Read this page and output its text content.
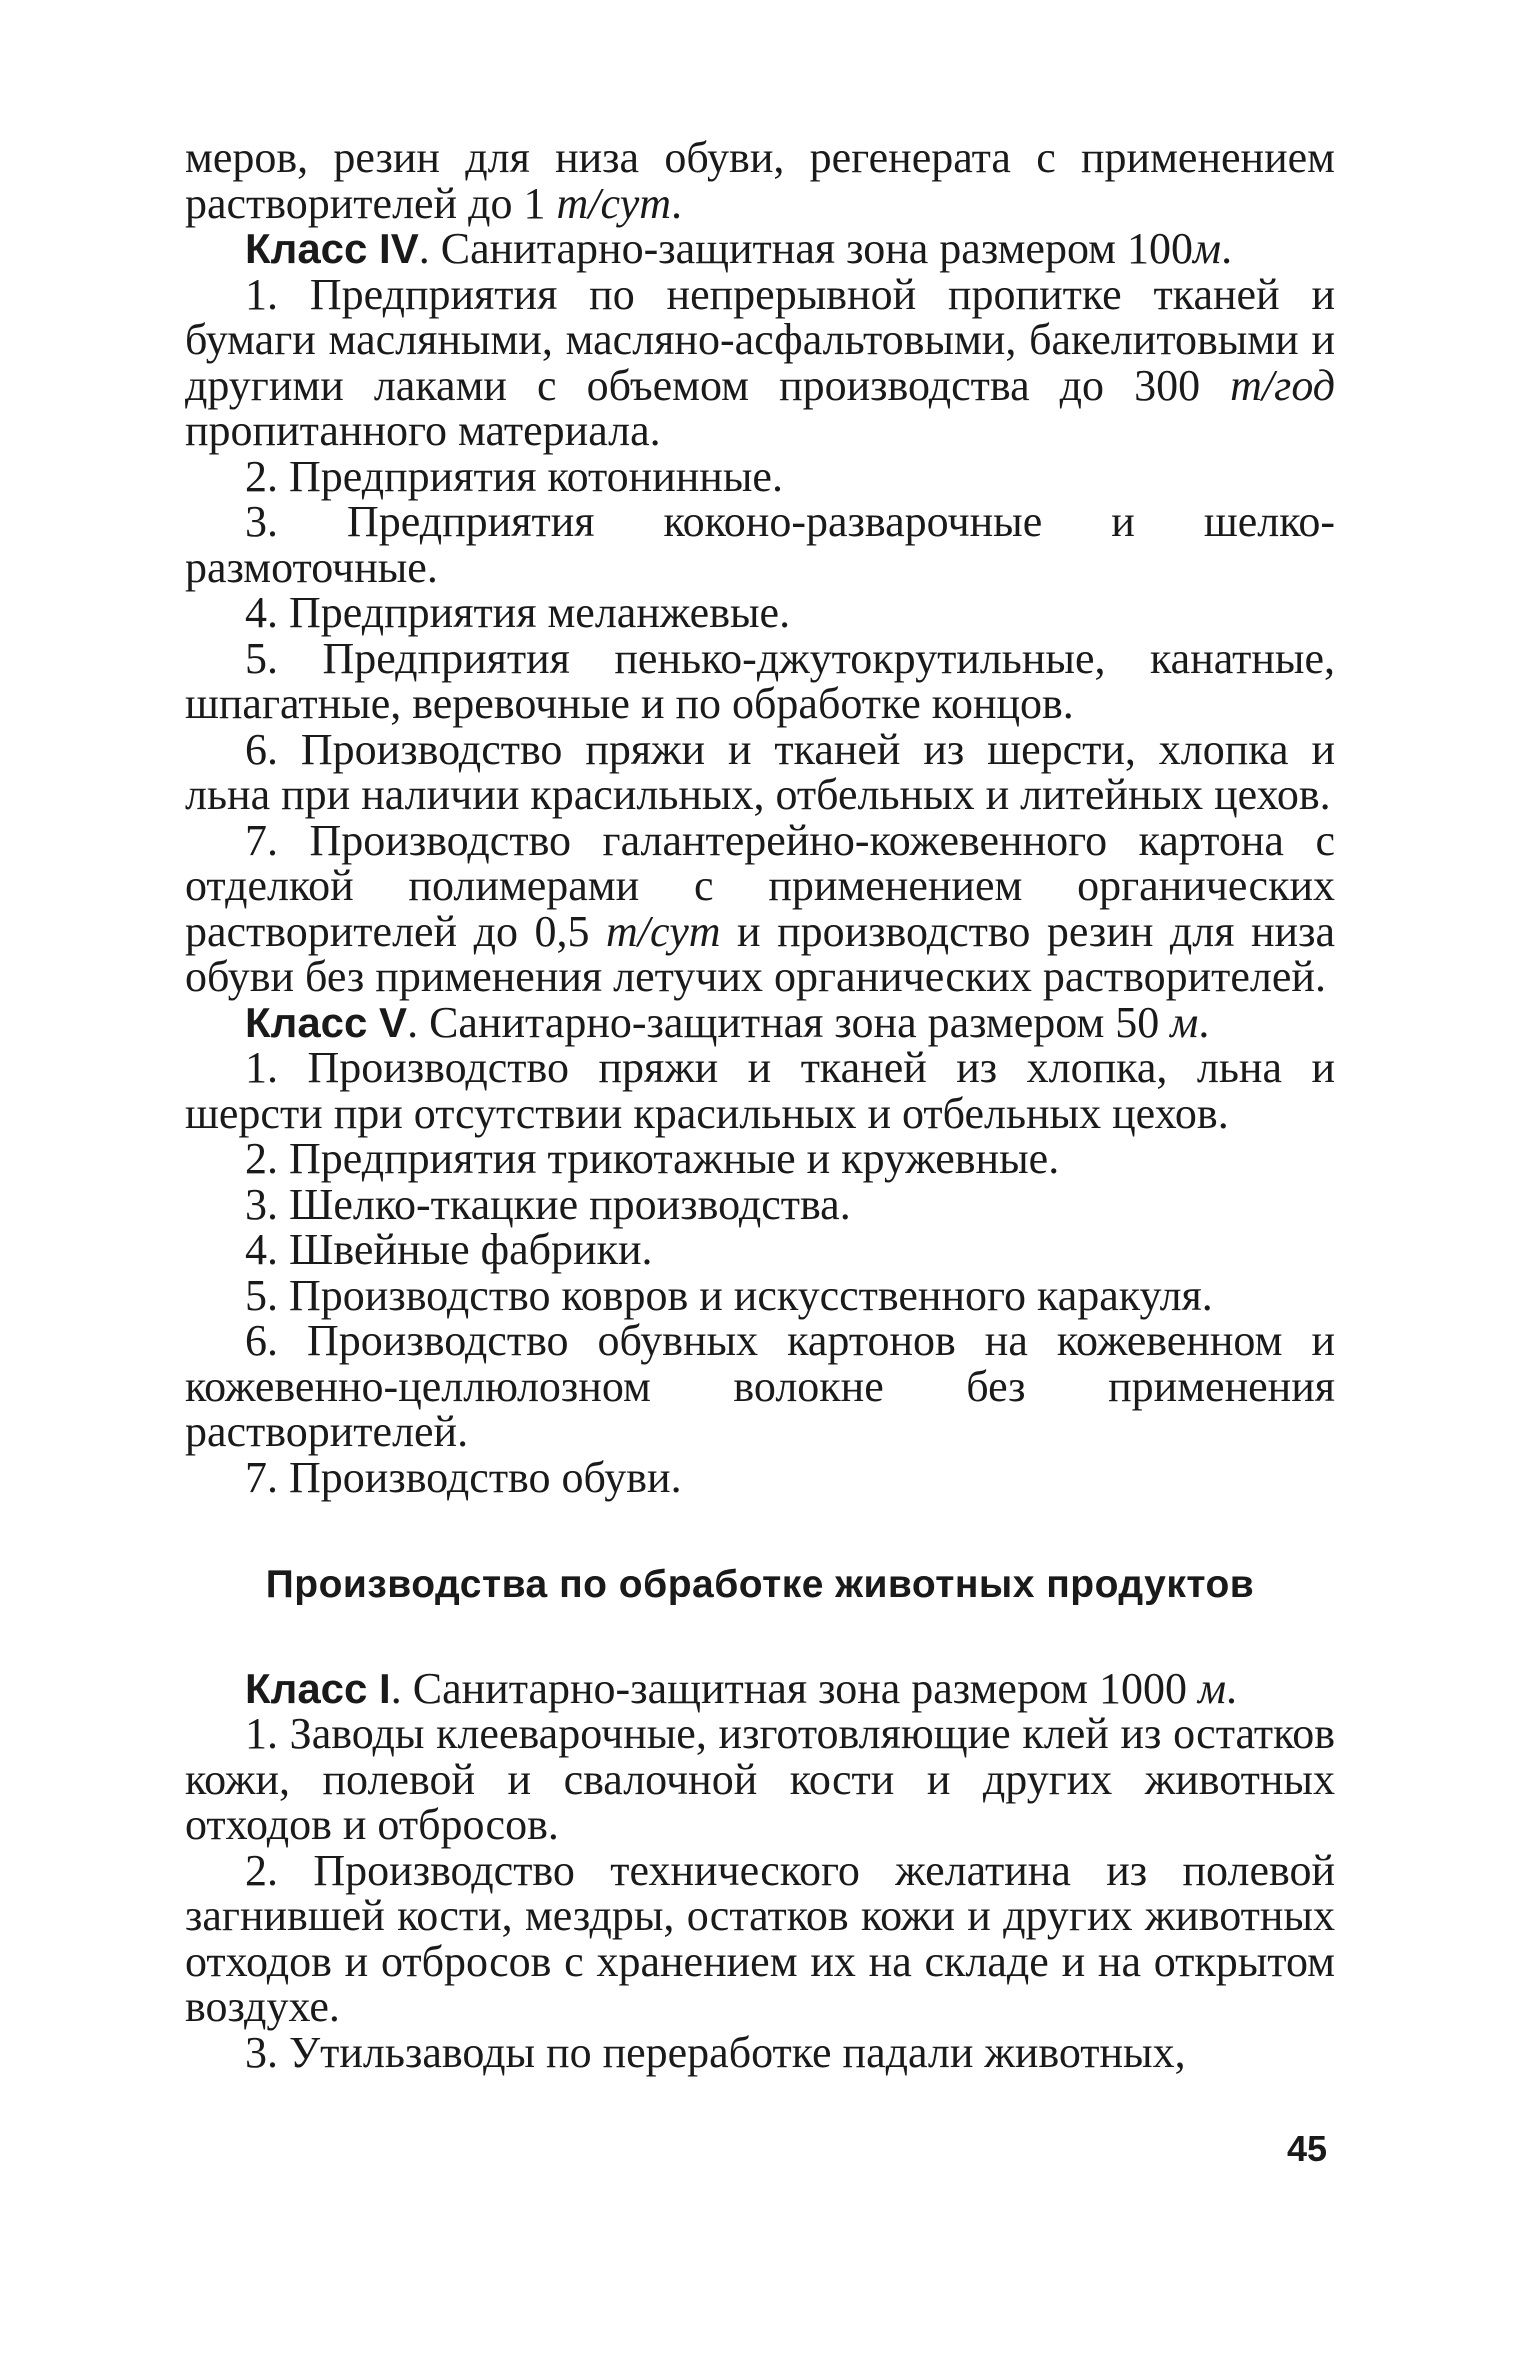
меров, резин для низа обуви, регенерата с применением растворителей до 1 т/сут.

Класс IV. Санитарно-защитная зона размером 100м.

1. Предприятия по непрерывной пропитке тканей и бумаги масляными, масляно-асфальтовыми, бакелитовыми и другими лаками с объемом производства до 300 т/год пропитанного материала.

2. Предприятия котонинные.

3. Предприятия коконо-разварочные и шелко-размоточные.

4. Предприятия меланжевые.

5. Предприятия пенько-джутокрутильные, канатные, шпагатные, веревочные и по обработке концов.

6. Производство пряжи и тканей из шерсти, хлопка и льна при наличии красильных, отбельных и литейных цехов.

7. Производство галантерейно-кожевенного картона с отделкой полимерами с применением органических растворителей до 0,5 т/сут и производство резин для низа обуви без применения летучих органических растворителей.

Класс V. Санитарно-защитная зона размером 50 м.

1. Производство пряжи и тканей из хлопка, льна и шерсти при отсутствии красильных и отбельных цехов.

2. Предприятия трикотажные и кружевные.

3. Шелко-ткацкие производства.

4. Швейные фабрики.

5. Производство ковров и искусственного каракуля.

6. Производство обувных картонов на кожевенном и кожевенно-целлюлозном волокне без применения растворителей.

7. Производство обуви.

Производства по обработке животных продуктов

Класс I. Санитарно-защитная зона размером 1000 м.

1. Заводы клееварочные, изготовляющие клей из остатков кожи, полевой и свалочной кости и других животных отходов и отбросов.

2. Производство технического желатина из полевой загнившей кости, мездры, остатков кожи и других животных отходов и отбросов с хранением их на складе и на открытом воздухе.

3. Утильзаводы по переработке падали животных,

45
